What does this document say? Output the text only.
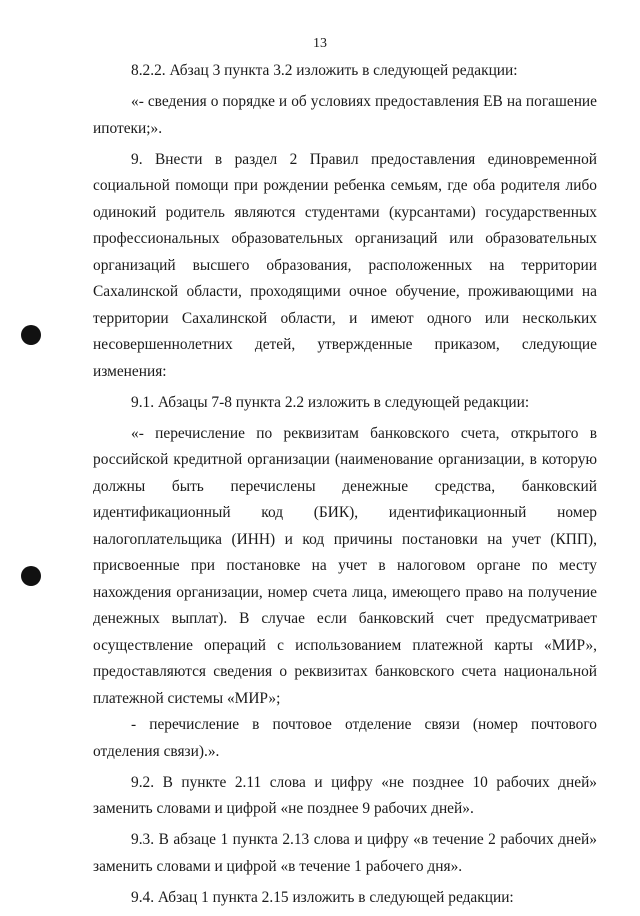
13

8.2.2. Абзац 3 пункта 3.2 изложить в следующей редакции:

«- сведения о порядке и об условиях предоставления ЕВ на погашение ипотеки;».

9. Внести в раздел 2 Правил предоставления единовременной социальной помощи при рождении ребенка семьям, где оба родителя либо одинокий родитель являются студентами (курсантами) государственных профессиональных образовательных организаций или образовательных организаций высшего образования, расположенных на территории Сахалинской области, проходящими очное обучение, проживающими на территории Сахалинской области, и имеют одного или нескольких несовершеннолетних детей, утвержденные приказом, следующие изменения:

9.1. Абзацы 7-8 пункта 2.2 изложить в следующей редакции:

«- перечисление по реквизитам банковского счета, открытого в российской кредитной организации (наименование организации, в которую должны быть перечислены денежные средства, банковский идентификационный код (БИК), идентификационный номер налогоплательщика (ИНН) и код причины постановки на учет (КПП), присвоенные при постановке на учет в налоговом органе по месту нахождения организации, номер счета лица, имеющего право на получение денежных выплат). В случае если банковский счет предусматривает осуществление операций с использованием платежной карты «МИР», предоставляются сведения о реквизитах банковского счета национальной платежной системы «МИР»;

- перечисление в почтовое отделение связи (номер почтового отделения связи).».

9.2. В пункте 2.11 слова и цифру «не позднее 10 рабочих дней» заменить словами и цифрой «не позднее 9 рабочих дней».

9.3. В абзаце 1 пункта 2.13 слова и цифру «в течение 2 рабочих дней» заменить словами и цифрой «в течение 1 рабочего дня».

9.4. Абзац 1 пункта 2.15 изложить в следующей редакции:
